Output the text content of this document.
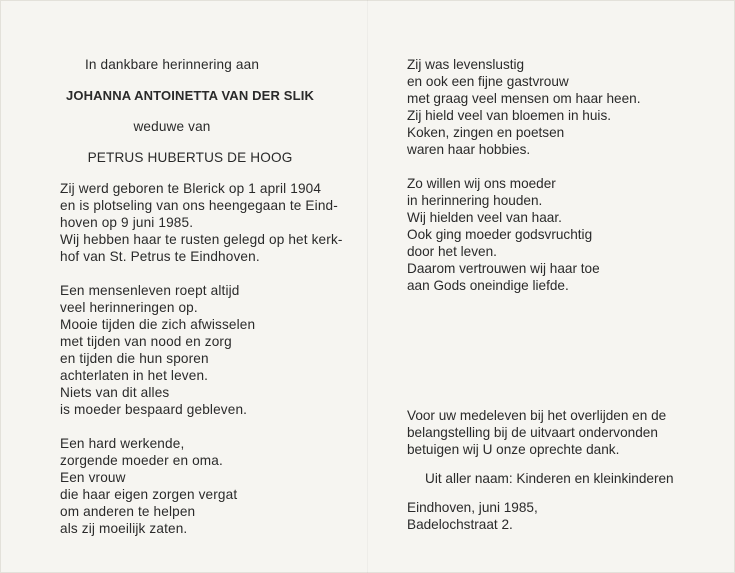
In dankbare herinnering aan
JOHANNA ANTOINETTA VAN DER SLIK
weduwe van
PETRUS HUBERTUS DE HOOG
Zij werd geboren te Blerick op 1 april 1904
en is plotseling van ons heengegaan te Eind-
hoven op 9 juni 1985.
Wij hebben haar te rusten gelegd op het kerk-
hof van St. Petrus te Eindhoven.
Een mensenleven roept altijd
veel herinneringen op.
Mooie tijden die zich afwisselen
met tijden van nood en zorg
en tijden die hun sporen
achterlaten in het leven.
Niets van dit alles
is moeder bespaard gebleven.
Een hard werkende,
zorgende moeder en oma.
Een vrouw
die haar eigen zorgen vergat
om anderen te helpen
als zij moeilijk zaten.
Zij was levenslustig
en ook een fijne gastvrouw
met graag veel mensen om haar heen.
Zij hield veel van bloemen in huis.
Koken, zingen en poetsen
waren haar hobbies.
Zo willen wij ons moeder
in herinnering houden.
Wij hielden veel van haar.
Ook ging moeder godsvruchtig
door het leven.
Daarom vertrouwen wij haar toe
aan Gods oneindige liefde.
Voor uw medeleven bij het overlijden en de
belangstelling bij de uitvaart ondervonden
betuigen wij U onze oprechte dank.
Uit aller naam: Kinderen en kleinkinderen
Eindhoven, juni 1985,
Badelochstraat 2.
